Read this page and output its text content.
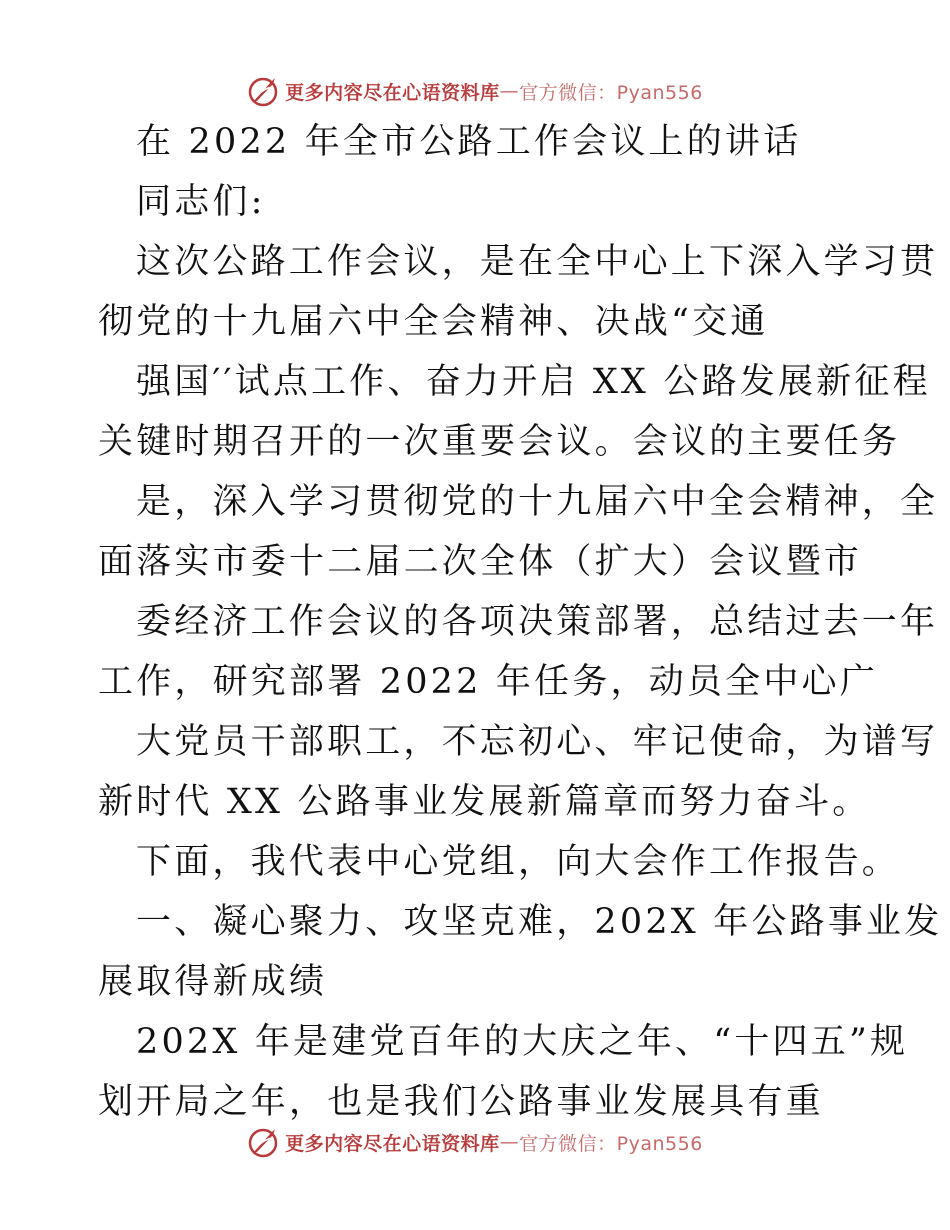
更多内容尽在心语资料库 — 官方微信：Pyan556
在 2022 年全市公路工作会议上的讲话
同志们:
这次公路工作会议，是在全中心上下深入学习贯
彻党的十九届六中全会精神、决战“交通
强国′′试点工作、奋力开启 XX 公路发展新征程
关键时期召开的一次重要会议。会议的主要任务
是，深入学习贯彻党的十九届六中全会精神，全
面落实市委十二届二次全体（扩大）会议暨市
委经济工作会议的各项决策部署，总结过去一年
工作，研究部署 2022 年任务，动员全中心广
大党员干部职工，不忘初心、牢记使命，为谱写
新时代 XX 公路事业发展新篇章而努力奋斗。
下面，我代表中心党组，向大会作工作报告。
一、凝心聚力、攻坚克难，202X 年公路事业发
展取得新成绩
202X 年是建党百年的大庆之年、“十四五”规
划开局之年，也是我们公路事业发展具有重
更多内容尽在心语资料库 — 官方微信：Pyan556
